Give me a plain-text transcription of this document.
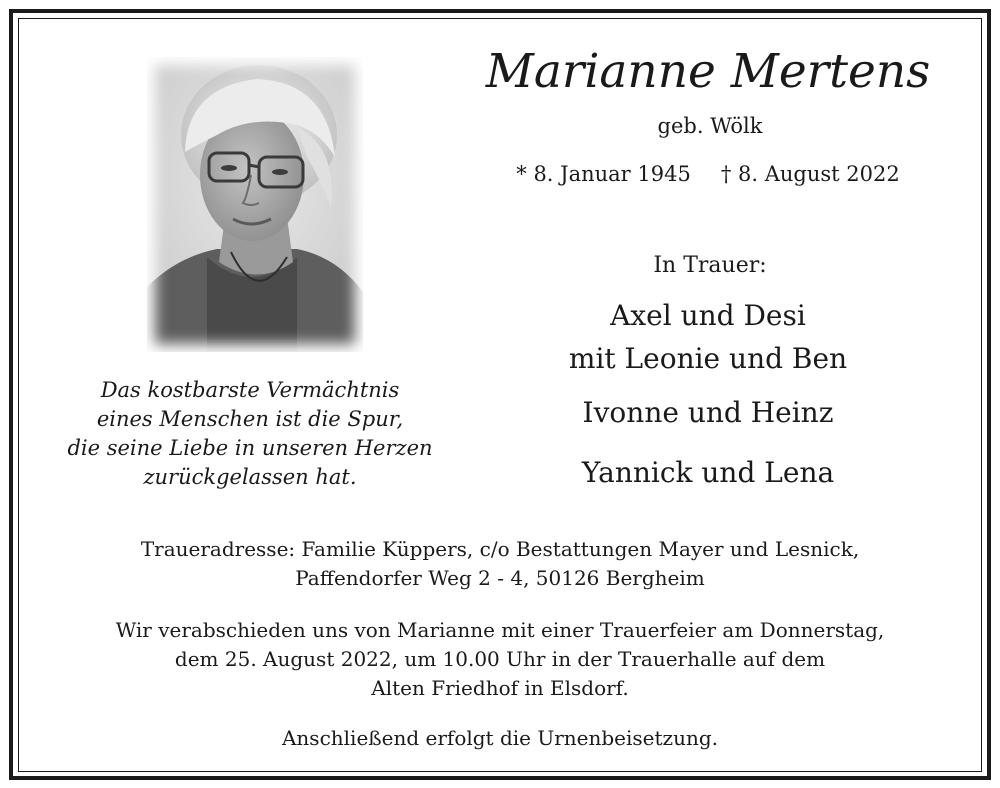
Das kostbarste Vermächtnis
eines Menschen ist die Spur,
die seine Liebe in unseren Herzen
zurückgelassen hat.
Marianne Mertens
geb. Wölk
* 8. Januar 1945 † 8. August 2022
In Trauer:
Axel und Desi
mit Leonie und Ben
Ivonne und Heinz
Yannick und Lena
Traueradresse: Familie Küppers, c/o Bestattungen Mayer und Lesnick,
Paffendorfer Weg 2 - 4, 50126 Bergheim
Wir verabschieden uns von Marianne mit einer Trauerfeier am Donnerstag,
dem 25. August 2022, um 10.00 Uhr in der Trauerhalle auf dem
Alten Friedhof in Elsdorf.
Anschließend erfolgt die Urnenbeisetzung.
